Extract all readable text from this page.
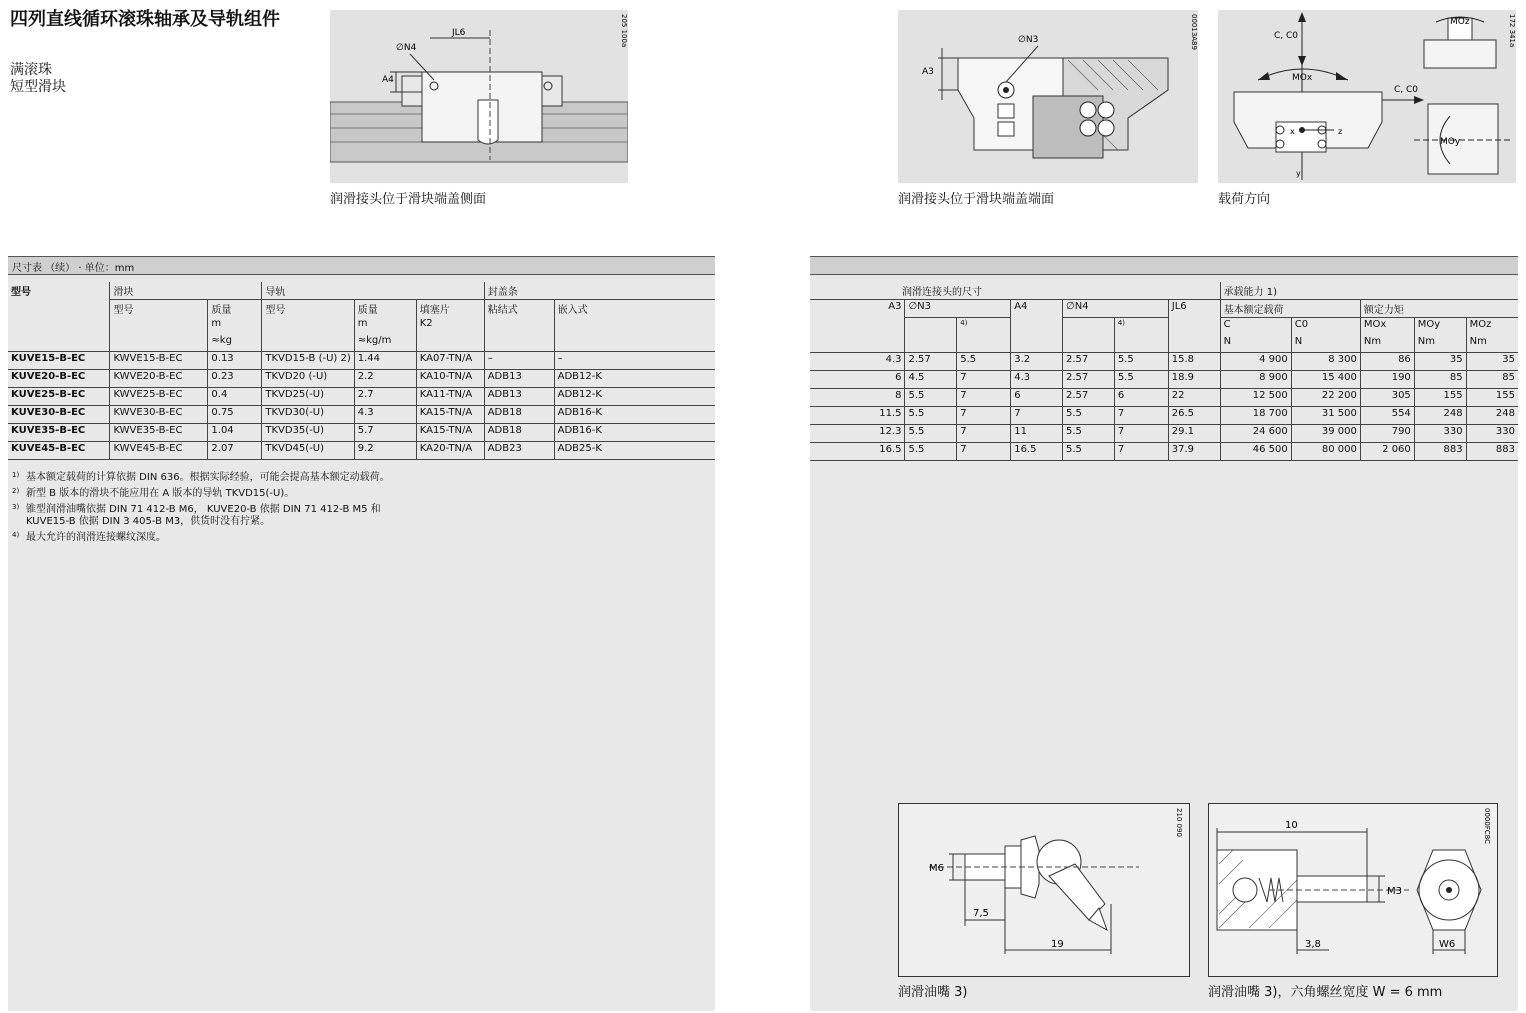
四列直线循环滚珠轴承及导轨组件
满滚珠
短型滑块
JL6
∅N4
A4
205 100a
润滑接头位于滑块端盖侧面
A3
∅N3	00013A89
润滑接头位于滑块端盖端面
C, C0
MOx
C, C0
MOz
MOy
x	z
y
172 341a
载荷方向
尺寸表 （续） · 单位：mm
型号	滑块		导轨			封盖条	
	型号	质量	型号	质量	填塞片	粘结式	嵌入式
		m		m	K2		
		≈kg		≈kg/m			
KUVE15-B-EC	KWVE15-B-EC	0.13	TKVD15-B (-U) 2)	1.44	KA07-TN/A	–	–
KUVE20-B-EC	KWVE20-B-EC	0.23	TKVD20 (-U)	2.2	KA10-TN/A	ADB13	ADB12-K
KUVE25-B-EC	KWVE25-B-EC	0.4	TKVD25(-U)	2.7	KA11-TN/A	ADB13	ADB12-K
KUVE30-B-EC	KWVE30-B-EC	0.75	TKVD30(-U)	4.3	KA15-TN/A	ADB18	ADB16-K
KUVE35-B-EC	KWVE35-B-EC	1.04	TKVD35(-U)	5.7	KA15-TN/A	ADB18	ADB16-K
KUVE45-B-EC	KWVE45-B-EC	2.07	TKVD45(-U)	9.2	KA20-TN/A	ADB23	ADB25-K
1) 基本额定载荷的计算依据 DIN 636。根据实际经验，可能会提高基本额定动载荷。
2) 新型 B 版本的滑块不能应用在 A 版本的导轨 TKVD15(-U)。
3) 锥型润滑油嘴依据 DIN 71 412-B M6， KUVE20-B 依据 DIN 71 412-B M5 和
KUVE15-B 依据 DIN 3 405-B M3，供货时没有拧紧。
4) 最大允许的润滑连接螺纹深度。
润滑连接头的尺寸							承载能力 1)				
A3	∅N3		A4	∅N4		JL6	基本额定载荷		额定力矩		
		4)			4)		C	C0	MOx	MOy	MOz
							N	N	Nm	Nm	Nm
4.3	2.57	5.5	3.2	2.57	5.5	15.8	4 900	8 300	86	35	35
6	4.5	7	4.3	2.57	5.5	18.9	8 900	15 400	190	85	85
8	5.5	7	6	2.57	6	22	12 500	22 200	305	155	155
11.5	5.5	7	7	5.5	7	26.5	18 700	31 500	554	248	248
12.3	5.5	7	11	5.5	7	29.1	24 600	39 000	790	330	330
16.5	5.5	7	16.5	5.5	7	37.9	46 500	80 000	2 060	883	883
M6
7,5
19
210 090
润滑油嘴 3)
10
M3
3,8	W6
0000FC8C
润滑油嘴 3)，六角螺丝宽度 W = 6 mm
